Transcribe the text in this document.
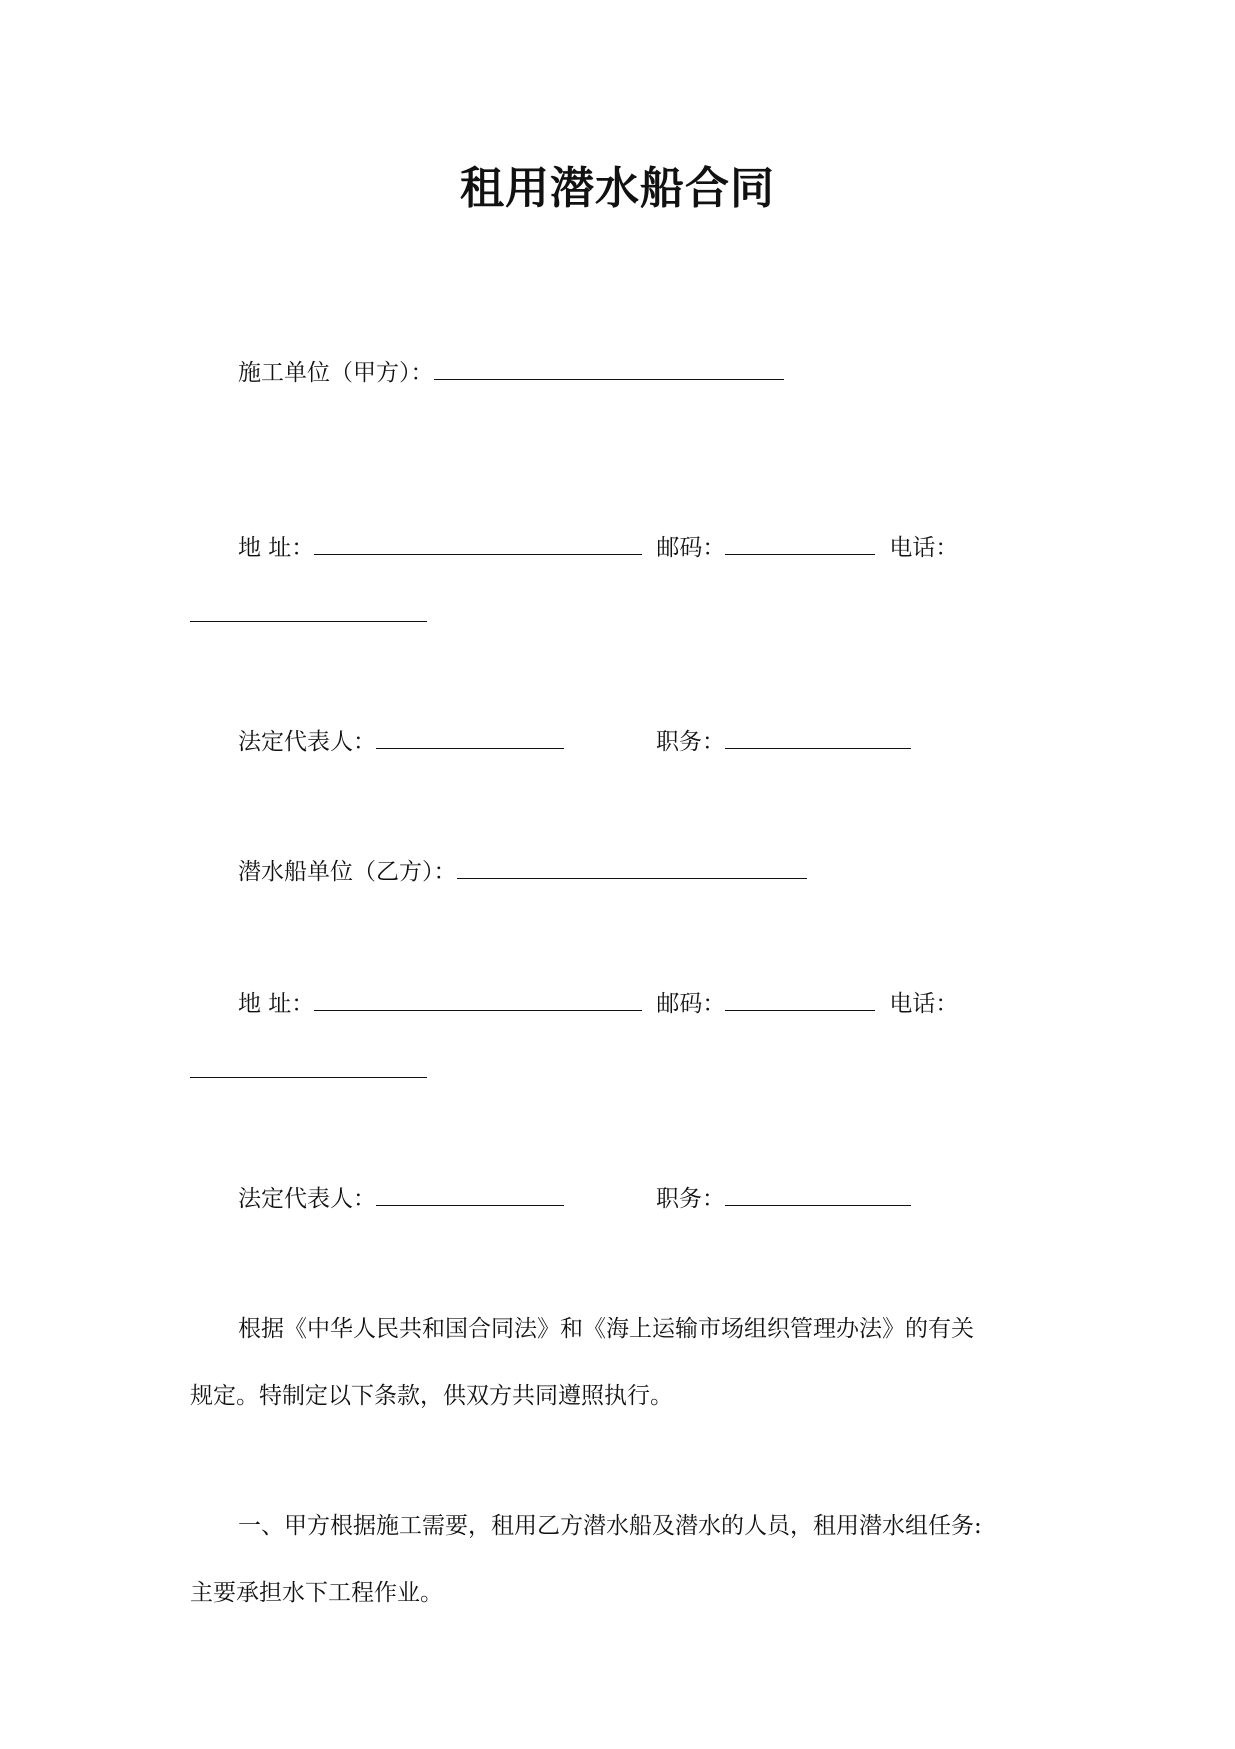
租用潜水船合同
施工单位（甲方）：
地 址：	邮码：	电话：
法定代表人：	职务：
潜水船单位（乙方）：
地 址：	邮码：	电话：
法定代表人：	职务：
根据《中华人民共和国合同法》和《海上运输市场组织管理办法》的有关
规定。特制定以下条款，供双方共同遵照执行。
一、甲方根据施工需要，租用乙方潜水船及潜水的人员，租用潜水组任务:
主要承担水下工程作业。
